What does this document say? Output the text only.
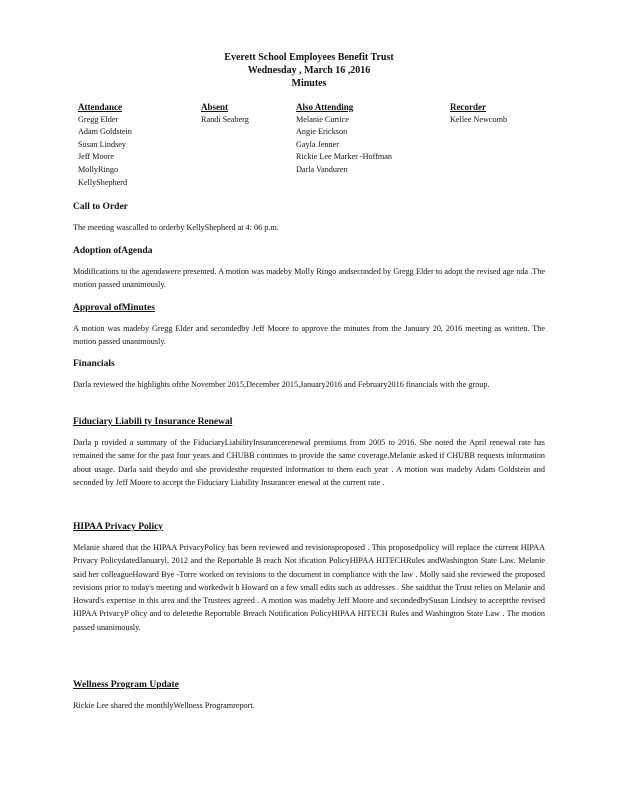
Everett School Employees Benefit Trust
Wednesday , March 16 ,2016
Minutes
Attendance
Gregg Elder
Adam Goldstein
Susan Lindsey
Jeff Moore
MollyRingo
KellyShepherd
Absent
Randi Seaberg
Also Attending
Melanie Curtice
Angie Erickson
Gayla Jenner
Rickie Lee Marker -Hoffman
Darla Vanduren
Recorder
Kellee Newcomb
Call to Order
The meeting wascalled to orderby KellyShepherd at 4: 06 p.m.
Adoption ofAgenda
Modifications to the agendawere presented. A motion was madeby Molly Ringo andseconded by Gregg Elder to adopt the revised age nda .The motion passed unanimously.
Approval ofMinutes
A motion was madeby Gregg Elder and secondedby Jeff Moore to approve the minutes from the January 20, 2016 meeting as written. The motion passed unanimously.
Financials
Darla reviewed the highlights ofthe November 2015,December 2015,January2016 and February2016 financials with the group.
Fiduciary Liabili ty Insurance Renewal
Darla p rovided a summary of the FiduciaryLiabilityInsurancerenewal premiums from 2005 to 2016. She noted the April renewal rate has remained the same for the past four years and CHUBB continues to provide the same coverage.Melanie asked if CHUBB requests information about usage. Darla said theydo and she providesthe requested information to them each year . A motion was madeby Adam Goldstein and seconded by Jeff Moore to accept the Fiduciary Liability Insurancer enewal at the current rate .
HIPAA Privacy Policy
Melanie shared that the HIPAA PrivacyPolicy has been reviewed and revisionsproposed . This proposedpolicy will replace the current HIPAA Privacy PolicydatedJanuaryl, 2012 and the Reportable B reach Not ification PolicyHIPAA HITECHRules andWashington State Law. Melanie said her colleagueHoward Bye -Torre worked on revisions to the document in compliance with the law . Molly said she reviewed the proposed revisions prior to today's meeting and workedwit h Howard on a few small edits such as addresses . She saidthat the Trust relies on Melanie and Howard's expertise in this area and the Trustees agreed . A motion was madeby Jeff Moore and secondedbySusan Lindsey to acceptthe revised HIPAA PrivacyP olicy and to deletethe Reportable Breach Notification PolicyHIPAA HITECH Rules and Washington State Law . The motion passed unanimously.
Wellness Program Update
Rickie Lee shared the monthlyWellness Programreport.
